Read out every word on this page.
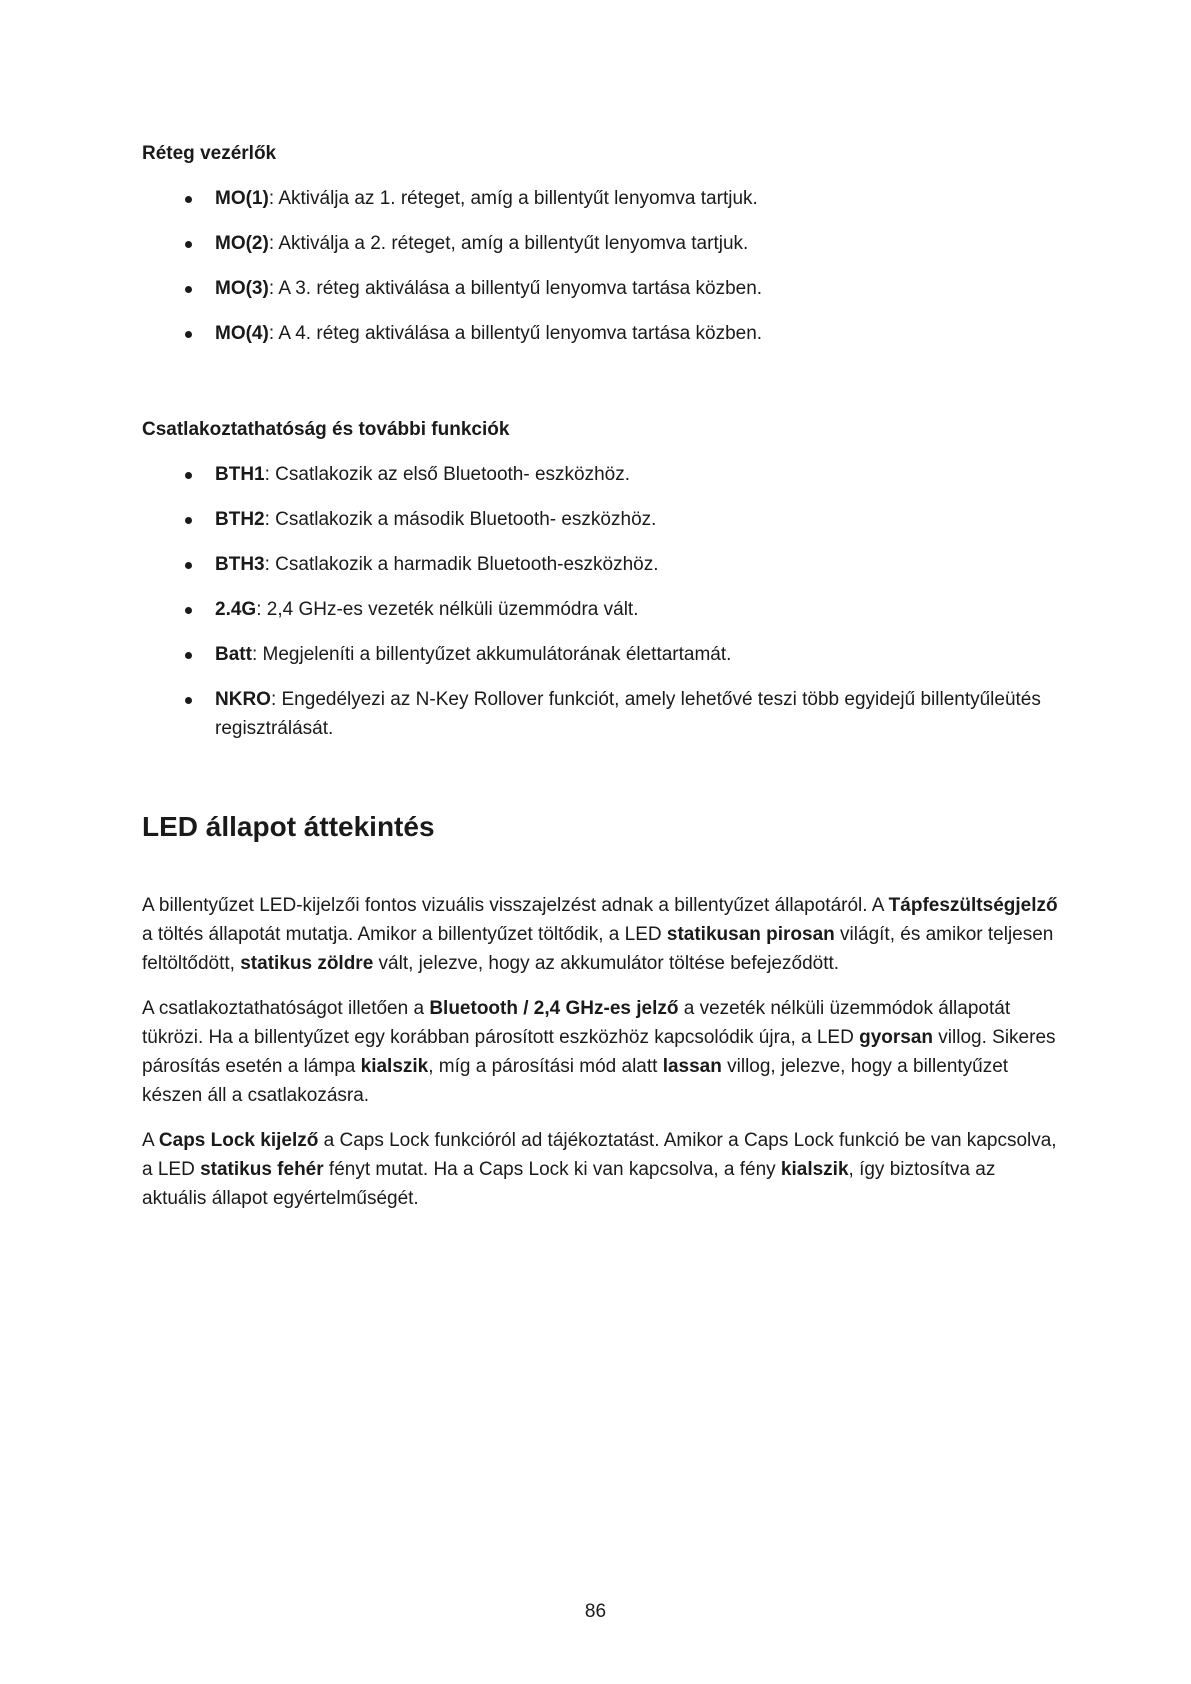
Réteg vezérlők

MO(1): Aktiválja az 1. réteget, amíg a billentyűt lenyomva tartjuk.
MO(2): Aktiválja a 2. réteget, amíg a billentyűt lenyomva tartjuk.
MO(3): A 3. réteg aktiválása a billentyű lenyomva tartása közben.
MO(4): A 4. réteg aktiválása a billentyű lenyomva tartása közben.

Csatlakoztathatóság és további funkciók

BTH1: Csatlakozik az első Bluetooth- eszközhöz.
BTH2: Csatlakozik a második Bluetooth- eszközhöz.
BTH3: Csatlakozik a harmadik Bluetooth-eszközhöz.
2.4G: 2,4 GHz-es vezeték nélküli üzemmódra vált.
Batt: Megjeleníti a billentyűzet akkumulátorának élettartamát.
NKRO: Engedélyezi az N-Key Rollover funkciót, amely lehetővé teszi több egyidejű billentyűleütés regisztrálását.
LED állapot áttekintés

A billentyűzet LED-kijelzői fontos vizuális visszajelzést adnak a billentyűzet állapotáról. A Tápfeszültségjelző a töltés állapotát mutatja. Amikor a billentyűzet töltődik, a LED statikusan pirosan világít, és amikor teljesen feltöltődött, statikus zöldre vált, jelezve, hogy az akkumulátor töltése befejeződött.

A csatlakoztathatóságot illetően a Bluetooth / 2,4 GHz-es jelző a vezeték nélküli üzemmódok állapotát tükrözi. Ha a billentyűzet egy korábban párosított eszközhöz kapcsolódik újra, a LED gyorsan villog. Sikeres párosítás esetén a lámpa kialszik, míg a párosítási mód alatt lassan villog, jelezve, hogy a billentyűzet készen áll a csatlakozásra.

A Caps Lock kijelző a Caps Lock funkcióról ad tájékoztatást. Amikor a Caps Lock funkció be van kapcsolva, a LED statikus fehér fényt mutat. Ha a Caps Lock ki van kapcsolva, a fény kialszik, így biztosítva az aktuális állapot egyértelműségét.

86
